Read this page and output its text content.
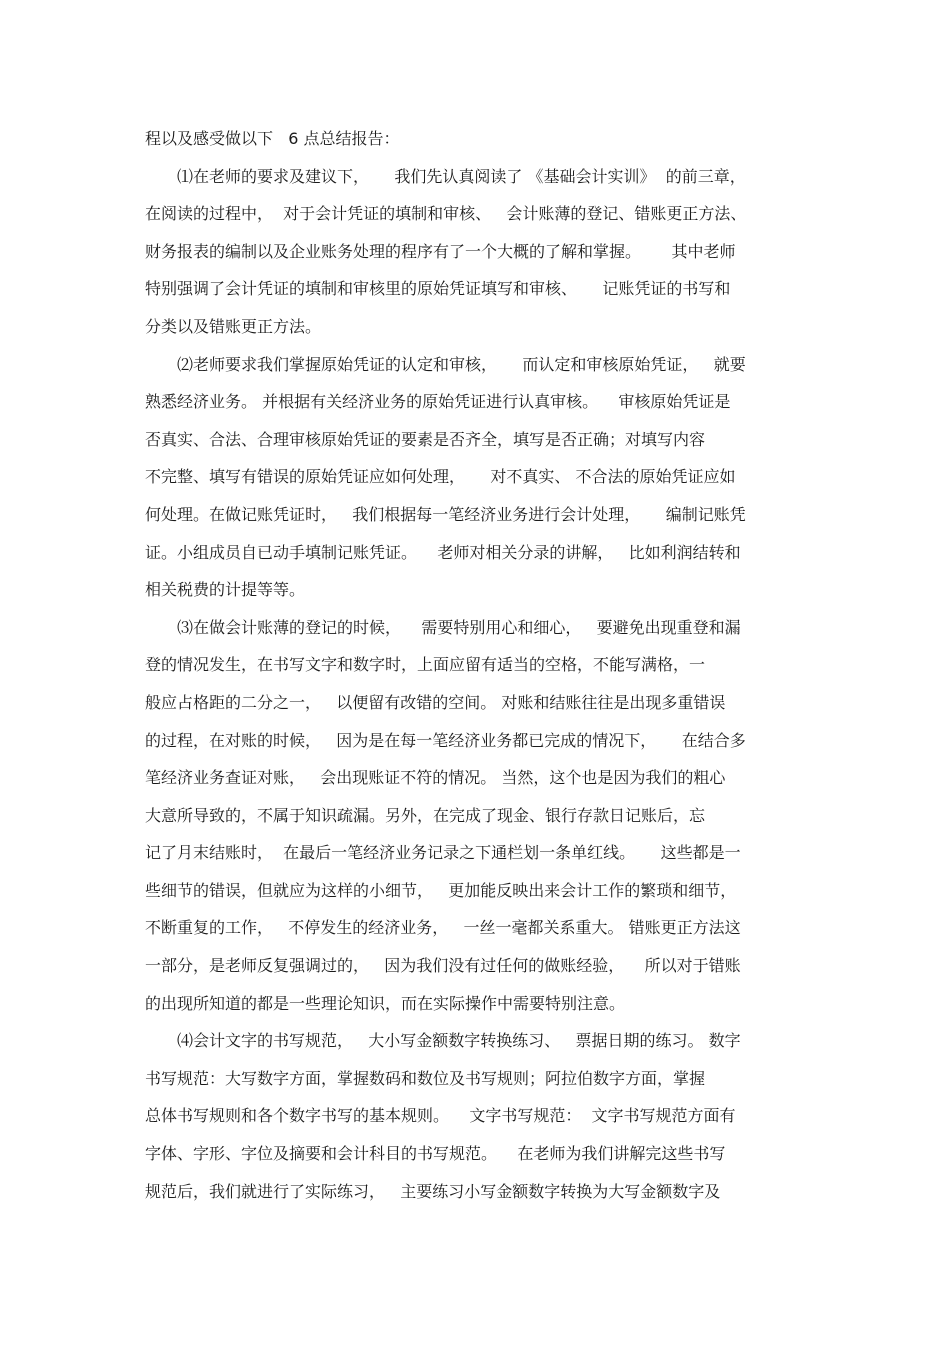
程以及感受做以下   6 点总结报告：
⑴在老师的要求及建议下，     我们先认真阅读了 《基础会计实训》  的前三章，
在阅读的过程中，  对于会计凭证的填制和审核、   会计账薄的登记、错账更正方法、
财务报表的编制以及企业账务处理的程序有了一个大概的了解和掌握。      其中老师
特别强调了会计凭证的填制和审核里的原始凭证填写和审核、     记账凭证的书写和
分类以及错账更正方法。
⑵老师要求我们掌握原始凭证的认定和审核，     而认定和审核原始凭证，   就要
熟悉经济业务。 并根据有关经济业务的原始凭证进行认真审核。    审核原始凭证是
否真实、合法、合理审核原始凭证的要素是否齐全，填写是否正确；对填写内容
不完整、填写有错误的原始凭证应如何处理，     对不真实、 不合法的原始凭证应如
何处理。在做记账凭证时，   我们根据每一笔经济业务进行会计处理，     编制记账凭
证。小组成员自已动手填制记账凭证。    老师对相关分录的讲解，   比如利润结转和
相关税费的计提等等。
⑶在做会计账薄的登记的时候，    需要特别用心和细心，   要避免出现重登和漏
登的情况发生，在书写文字和数字时，上面应留有适当的空格，不能写满格，一
般应占格距的二分之一，   以便留有改错的空间。 对账和结账往往是出现多重错误
的过程，在对账的时候，   因为是在每一笔经济业务都已完成的情况下，     在结合多
笔经济业务查证对账，   会出现账证不符的情况。 当然，这个也是因为我们的粗心
大意所导致的，不属于知识疏漏。另外，在完成了现金、银行存款日记账后，忘
记了月末结账时，  在最后一笔经济业务记录之下通栏划一条单红线。     这些都是一
些细节的错误，但就应为这样的小细节，   更加能反映出来会计工作的繁琐和细节，
不断重复的工作，   不停发生的经济业务，   一丝一毫都关系重大。 错账更正方法这
一部分，是老师反复强调过的，   因为我们没有过任何的做账经验，    所以对于错账
的出现所知道的都是一些理论知识，而在实际操作中需要特别注意。
⑷会计文字的书写规范，   大小写金额数字转换练习、   票据日期的练习。 数字
书写规范：大写数字方面，掌握数码和数位及书写规则；阿拉伯数字方面，掌握
总体书写规则和各个数字书写的基本规则。    文字书写规范：  文字书写规范方面有
字体、字形、字位及摘要和会计科目的书写规范。    在老师为我们讲解完这些书写
规范后，我们就进行了实际练习，   主要练习小写金额数字转换为大写金额数字及
